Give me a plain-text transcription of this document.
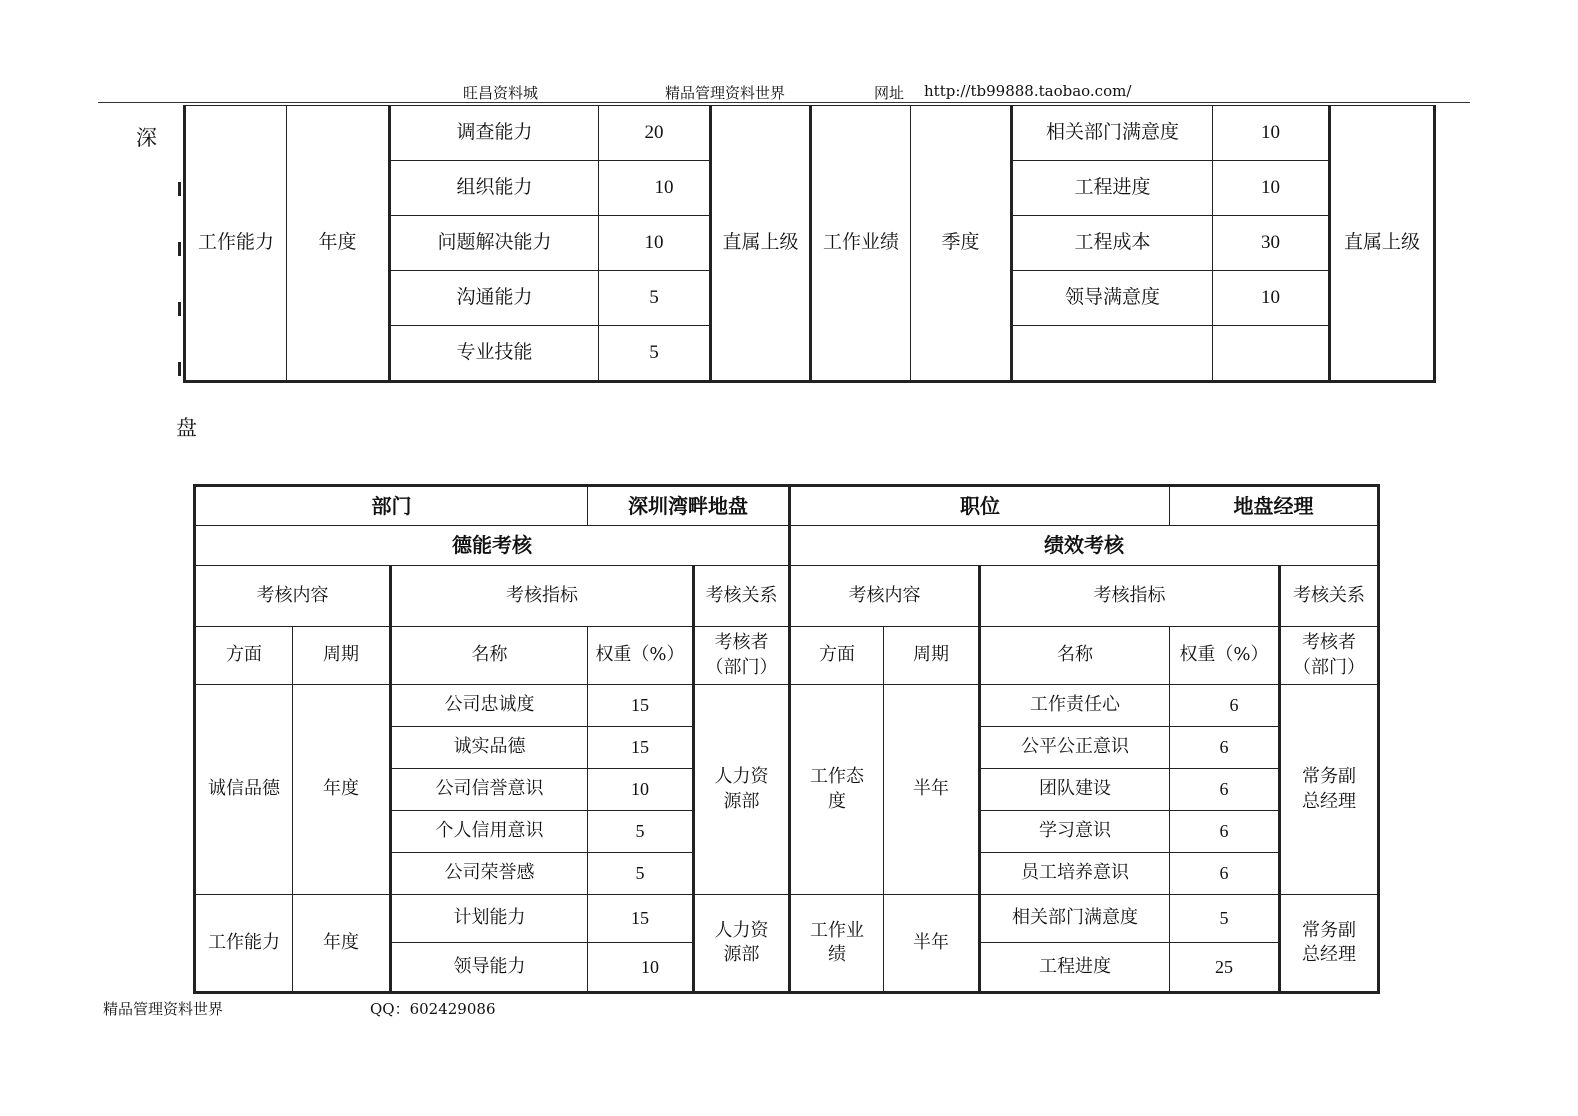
旺昌资料城	精品管理资料世界	网址 http://tb99888.taobao.com/
深
盘
工作能力	年度	调查能力	20	直属上级	工作业绩	季度	相关部门满意度	10	直属上级
		组织能力	10				工程进度	10	
		问题解决能力	10				工程成本	30	
		沟通能力	5				领导满意度	10	
		专业技能	5						
部门			深圳湾畔地盘		职位			地盘经理	
德能考核					绩效考核				
考核内容		考核指标		考核关系	考核内容		考核指标		考核关系
方面	周期	名称	权重（%）	考核者（部门）	方面	周期	名称	权重（%）	考核者（部门）
诚信品德	年度	公司忠诚度	15	人力资源部	工作态度	半年	工作责任心	6	常务副总经理
		诚实品德	15				公平公正意识	6	
		公司信誉意识	10				团队建设	6	
		个人信用意识	5				学习意识	6	
		公司荣誉感	5				员工培养意识	6	
工作能力	年度	计划能力	15	人力资源部	工作业绩	半年	相关部门满意度	5	常务副总经理
		领导能力	10				工程进度	25	
精品管理资料世界	QQ：602429086
